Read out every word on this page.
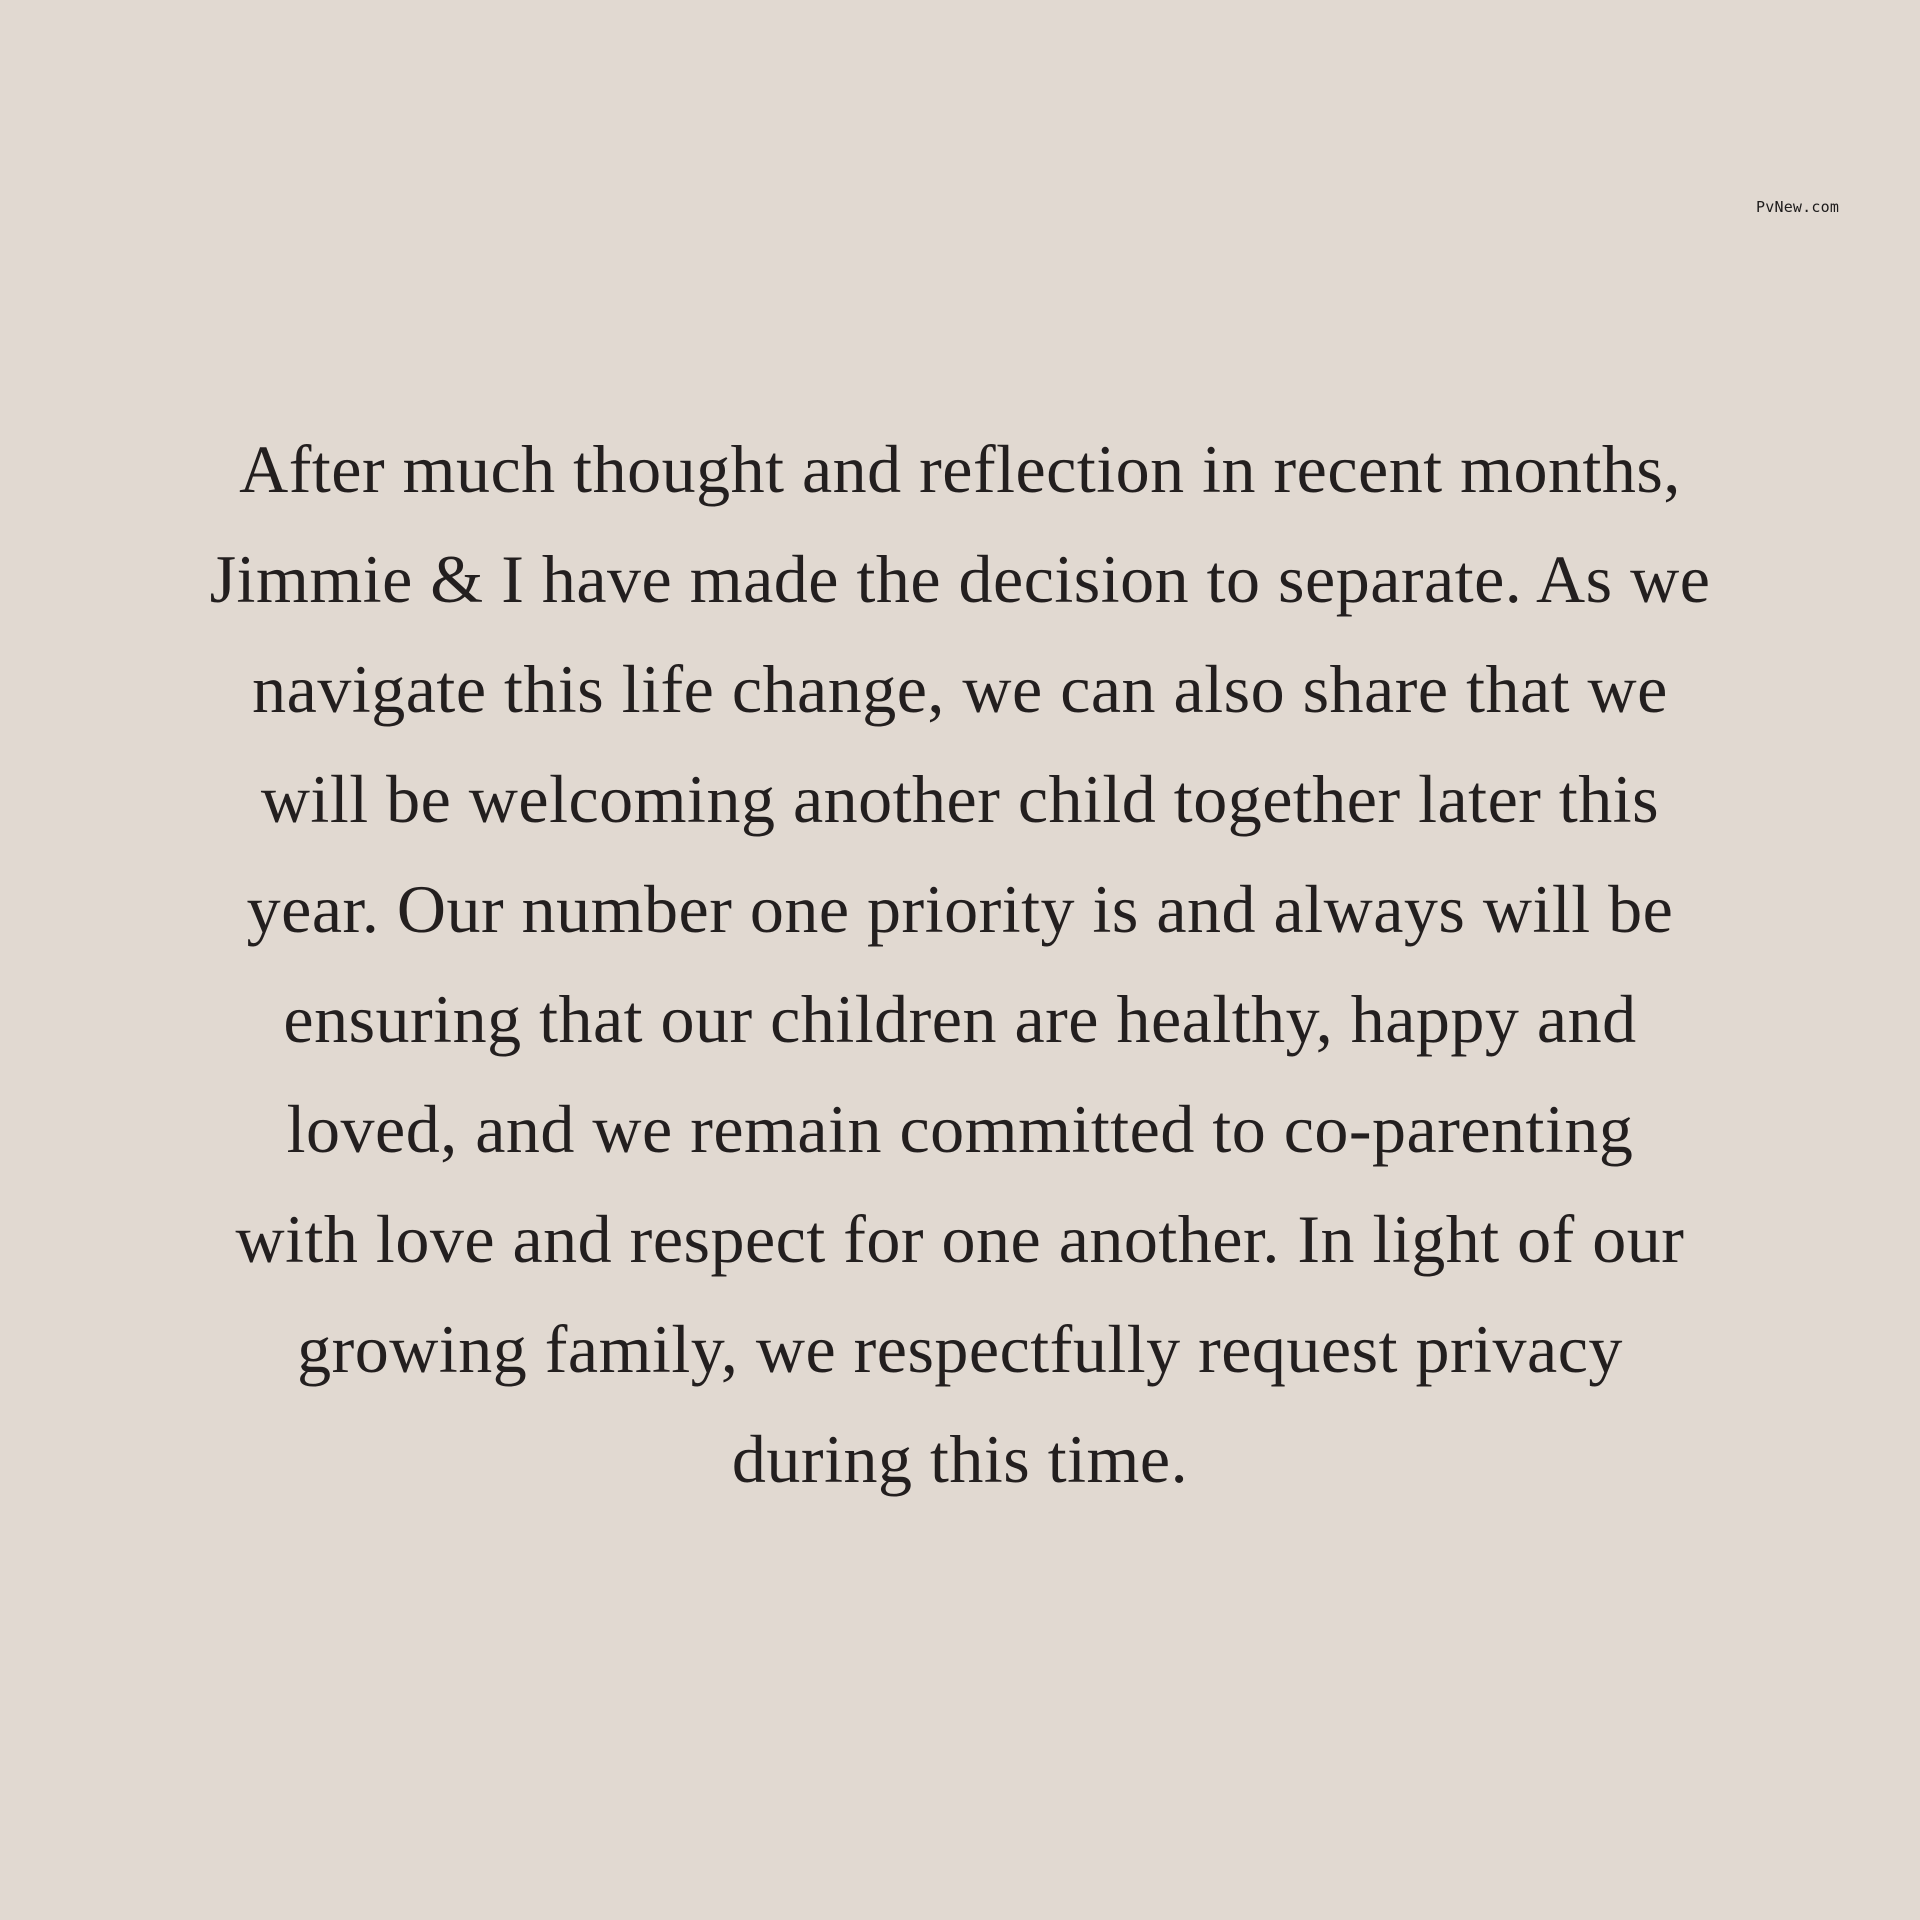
PvNew.com
After much thought and reflection in recent months,
Jimmie & I have made the decision to separate. As we
navigate this life change, we can also share that we
will be welcoming another child together later this
year. Our number one priority is and always will be
ensuring that our children are healthy, happy and
loved, and we remain committed to co-parenting
with love and respect for one another. In light of our
growing family, we respectfully request privacy
during this time.
